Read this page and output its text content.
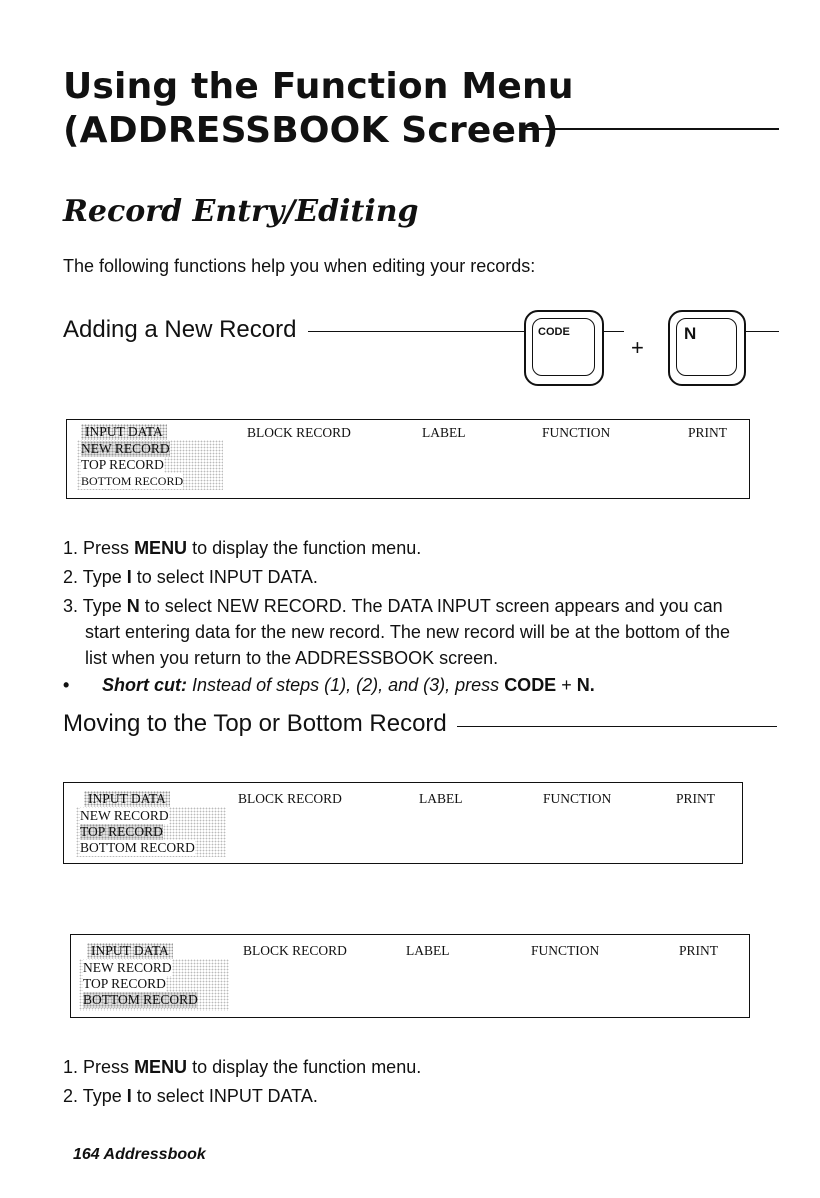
Using the Function Menu
(ADDRESSBOOK Screen)
Record Entry/Editing
The following functions help you when editing your records:
Adding a New Record	CODE
+
N
INPUT DATA	BLOCK RECORD	LABEL	FUNCTION	PRINT
NEW RECORD
TOP RECORD
BOTTOM RECORD
1. Press MENU to display the function menu.
2. Type I to select INPUT DATA.
3. Type N to select NEW RECORD. The DATA INPUT screen appears and you can
start entering data for the new record. The new record will be at the bottom of the
list when you return to the ADDRESSBOOK screen.
• Short cut: Instead of steps (1), (2), and (3), press CODE + N.
Moving to the Top or Bottom Record
INPUT DATA	BLOCK RECORD	LABEL	FUNCTION	PRINT
NEW RECORD
TOP RECORD
BOTTOM RECORD
INPUT DATA	BLOCK RECORD	LABEL	FUNCTION	PRINT
NEW RECORD
TOP RECORD
BOTTOM RECORD
1. Press MENU to display the function menu.
2. Type I to select INPUT DATA.
164 Addressbook
